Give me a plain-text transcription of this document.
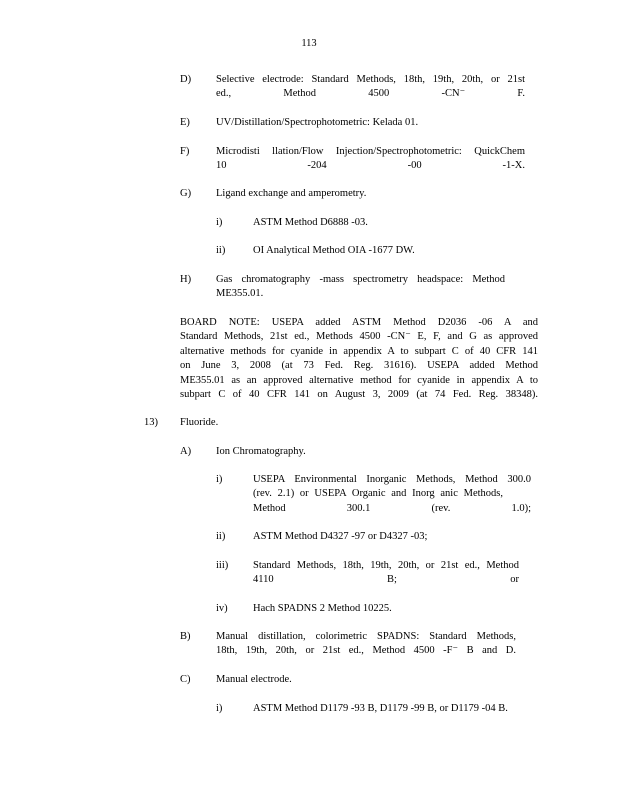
113
D) Selective electrode: Standard Methods, 18th, 19th, 20th, or 21st
ed., Method 4500 -CN⁻ F.
E) UV/Distillation/Spectrophotometric: Kelada 01.
F)	Microdisti llation/Flow Injection/Spectrophotometric: QuickChem
10 -204 -00 -1-X.
G) Ligand exchange and amperometry.
i)	ASTM Method D6888 -03.
ii)	OI Analytical Method OIA -1677 DW.
H) Gas chromatography -mass spectrometry headspace: Method
ME355.01.
BOARD NOTE: USEPA added ASTM Method D2036 -06 A and
Standard Methods, 21st ed., Methods 4500 -CN⁻ E, F, and G as approved
alternative methods for cyanide in appendix A to subpart C of 40 CFR 141
on June 3, 2008 (at 73 Fed. Reg. 31616). USEPA added Method
ME355.01 as an approved alternative method for cyanide in appendix A to
subpart C of 40 CFR 141 on August 3, 2009 (at 74 Fed. Reg. 38348).
13) Fluoride.
A) Ion Chromatography.
i)	USEPA Environmental Inorganic Methods, Method 300.0
(rev. 2.1) or USEPA Organic and Inorg anic Methods,
Method 300.1 (rev. 1.0);
ii)	ASTM Method D4327 -97 or D4327 -03;
iii) Standard Methods, 18th, 19th, 20th, or 21st ed., Method
4110 B; or
iv) Hach SPADNS 2 Method 10225.
B) Manual distillation, colorimetric SPADNS: Standard Methods,
18th, 19th, 20th, or 21st ed., Method 4500 -F⁻ B and D.
C) Manual electrode.
i)	ASTM Method D1179 -93 B, D1179 -99 B, or D1179 -04 B.
